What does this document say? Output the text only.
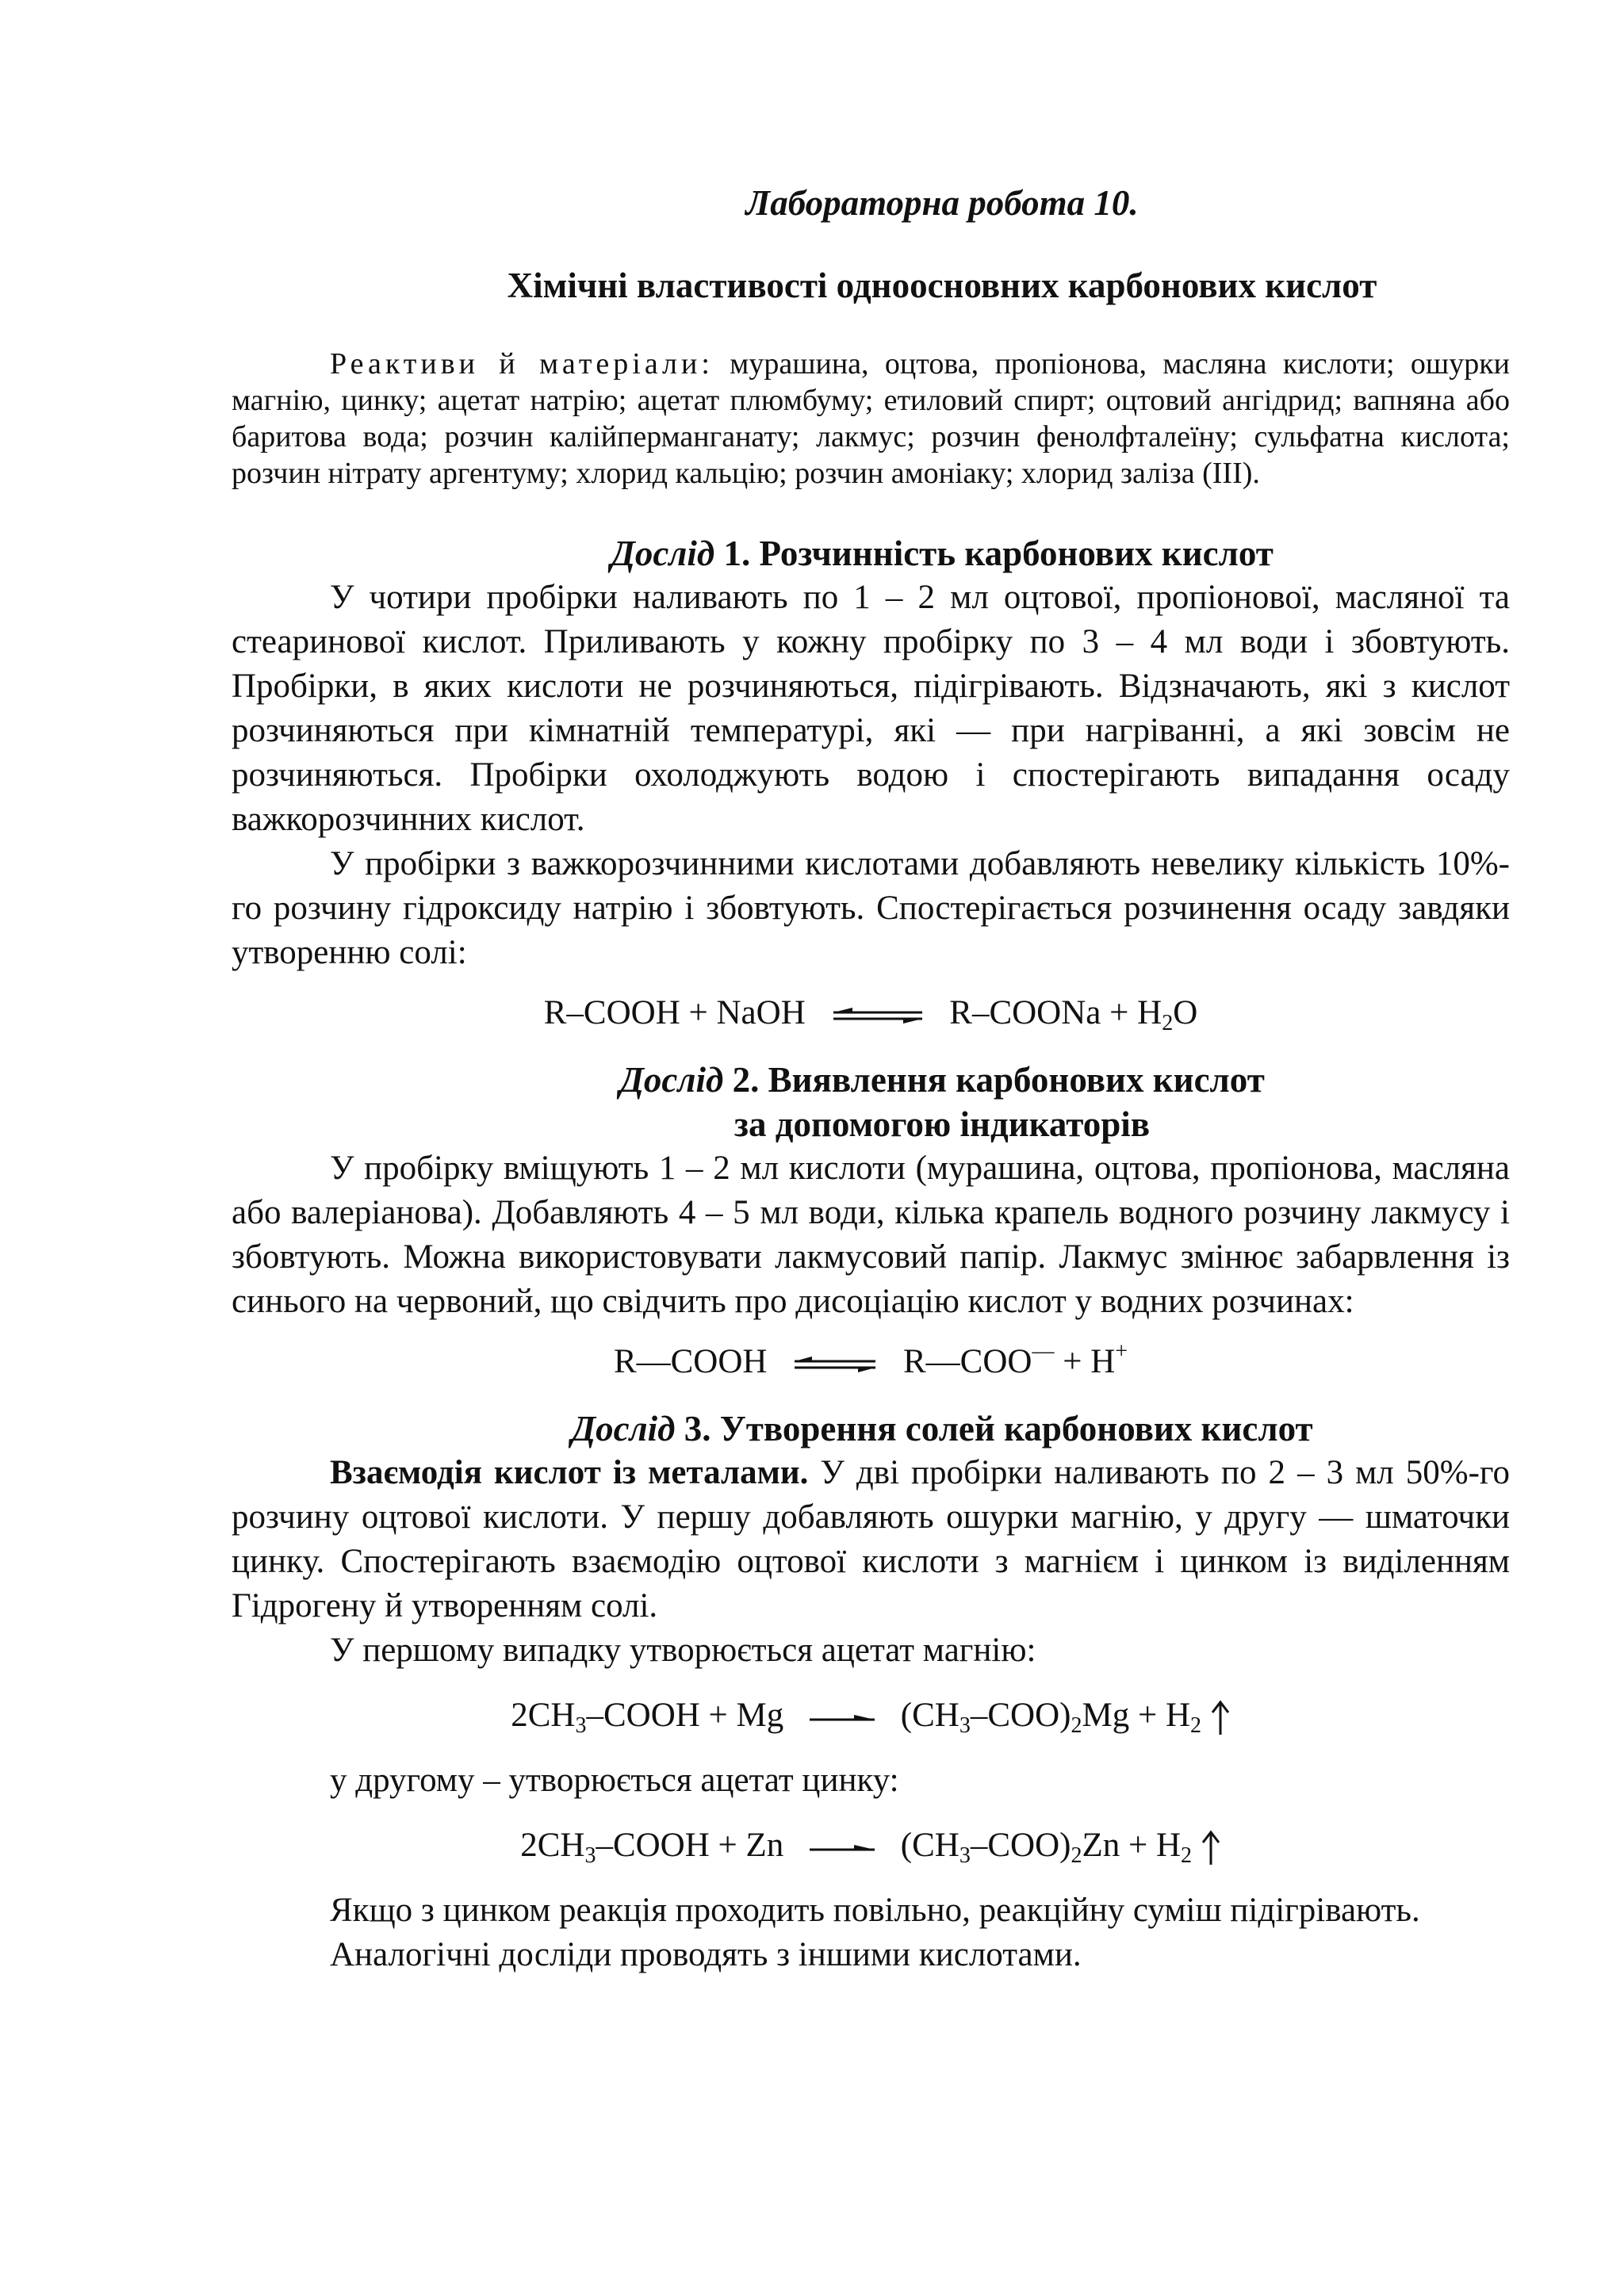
Лабораторна робота 10.

Хімічні властивості одноосновних карбонових кислот

Реактиви й матеріали: мурашина, оцтова, пропіонова, масляна кислоти; ошурки магнію, цинку; ацетат натрію; ацетат плюмбуму; етиловий спирт; оцтовий ангідрид; вапняна або баритова вода; розчин калійперманганату; лакмус; розчин фенолфталеїну; сульфатна кислота; розчин нітрату аргентуму; хлорид кальцію; розчин амоніаку; хлорид заліза (III).

Дослід 1. Розчинність карбонових кислот

У чотири пробірки наливають по 1 – 2 мл оцтової, пропіонової, масляної та стеаринової кислот. Приливають у кожну пробірку по 3 – 4 мл води і збовтують. Пробірки, в яких кислоти не розчиняються, підігрівають. Відзначають, які з кислот розчиняються при кімнатній температурі, які — при нагріванні, а які зовсім не розчиняються. Пробірки охолоджують водою і спостерігають випадання осаду важкорозчинних кислот.

У пробірки з важкорозчинними кислотами добавляють невелику кількість 10%-го розчину гідроксиду натрію і збовтують. Спостерігається розчинення осаду завдяки утворенню солі:

R–COOH + NaOH ⇌ R–COONa + $H_2O$

Дослід 2. Виявлення карбонових кислот

за допомогою індикаторів

У пробірку вміщують 1 – 2 мл кислоти (мурашина, оцтова, пропіонова, масляна або валеріанова). Добавляють 4 – 5 мл води, кілька крапель водного розчину лакмусу і збовтують. Можна використовувати лакмусовий папір. Лакмус змінює забарвлення із синього на червоний, що свідчить про дисоціацію кислот у водних розчинах:

R—COOH ⇌ R—COO— + H+

Дослід 3. Утворення солей карбонових кислот

Взаємодія кислот із металами. У дві пробірки наливають по 2 – 3 мл 50%-го розчину оцтової кислоти. У першу добавляють ошурки магнію, у другу — шматочки цинку. Спостерігають взаємодію оцтової кислоти з магнієм і цинком із виділенням Гідрогену й утворенням солі.

У першому випадку утворюється ацетат магнію:

$2CH_3$–COOH + $Mg \to (CH_3-COO)_2Mg + H_2$

у другому – утворюється ацетат цинку:

$2CH_3$–COOH + $Zn \to (CH_3-COO)_2Zn + H_2$

Якщо з цинком реакція проходить повільно, реакційну суміш підігрівають.

Аналогічні досліди проводять з іншими кислотами.
